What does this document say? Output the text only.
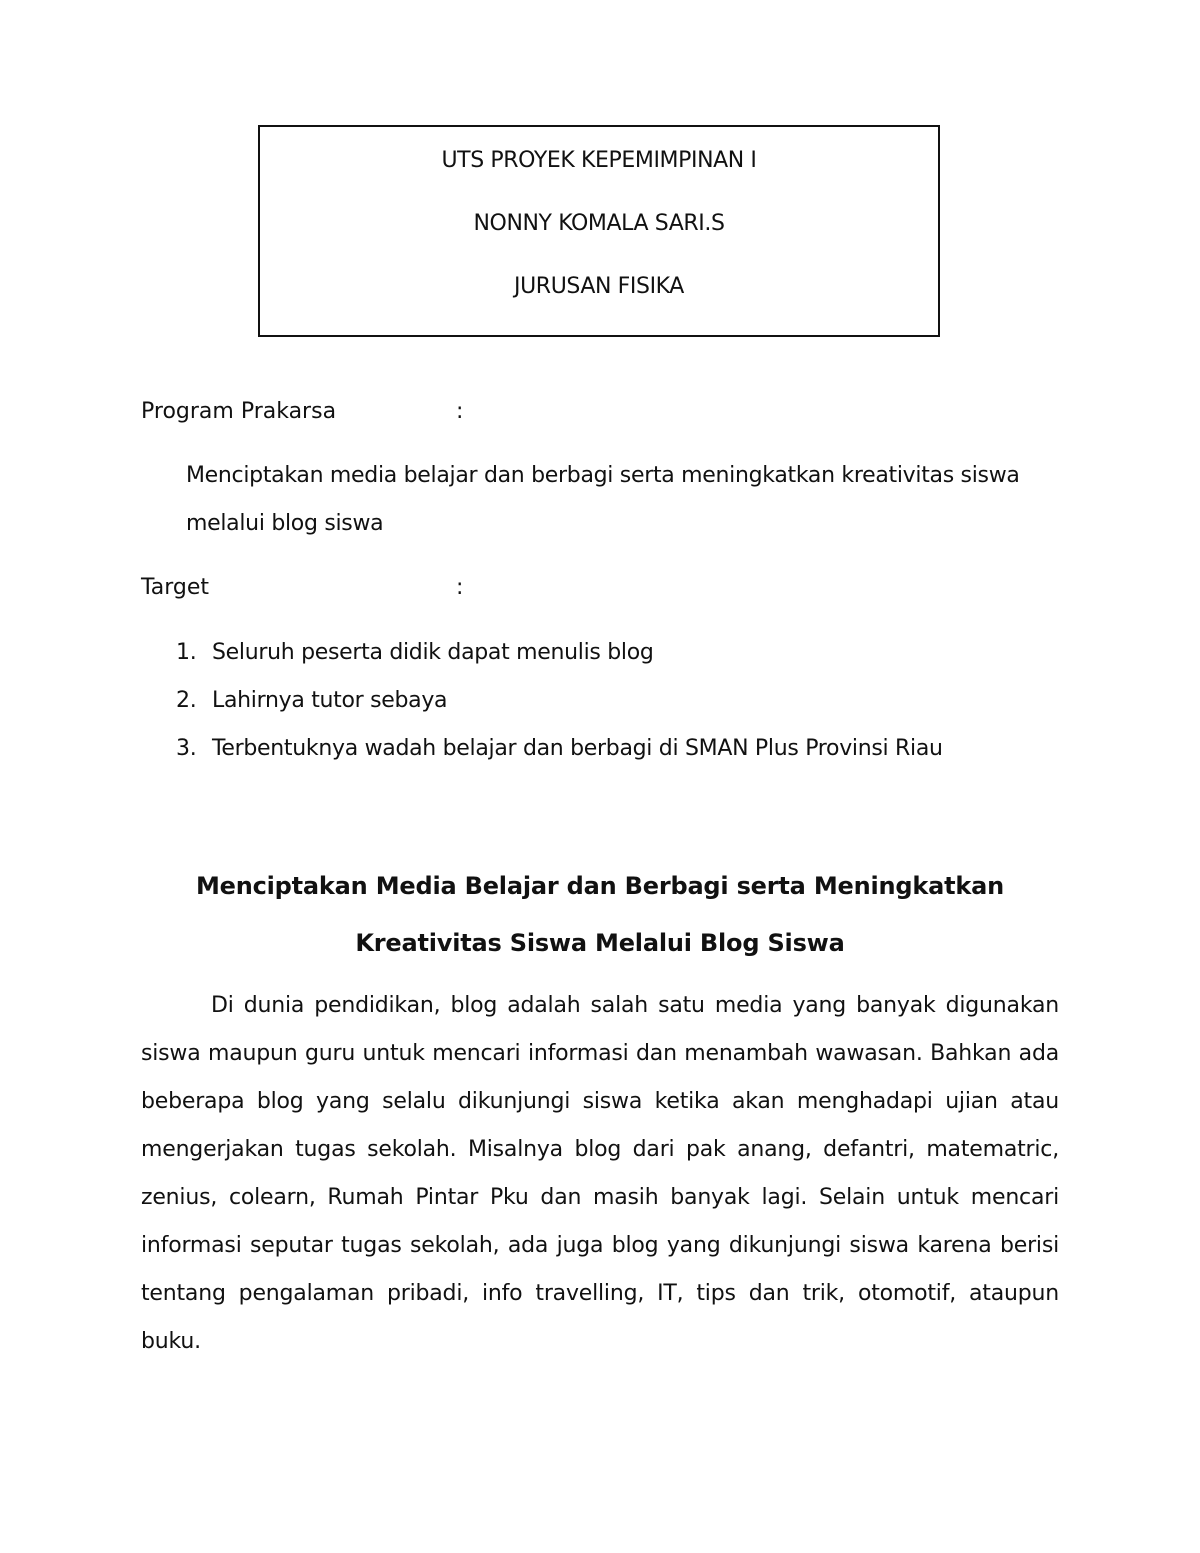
UTS PROYEK KEPEMIMPINAN I
NONNY KOMALA SARI.S
JURUSAN FISIKA
Program Prakarsa	:
Menciptakan media belajar dan berbagi serta meningkatkan kreativitas siswa melalui blog siswa
Target	:
1. Seluruh peserta didik dapat menulis blog
2. Lahirnya tutor sebaya
3. Terbentuknya wadah belajar dan berbagi di SMAN Plus Provinsi Riau
Menciptakan Media Belajar dan Berbagi serta Meningkatkan Kreativitas Siswa Melalui Blog Siswa

Di dunia pendidikan, blog adalah salah satu media yang banyak digunakan siswa maupun guru untuk mencari informasi dan menambah wawasan. Bahkan ada beberapa blog yang selalu dikunjungi siswa ketika akan menghadapi ujian atau mengerjakan tugas sekolah. Misalnya blog dari pak anang, defantri, matematric, zenius, colearn, Rumah Pintar Pku dan masih banyak lagi. Selain untuk mencari informasi seputar tugas sekolah, ada juga blog yang dikunjungi siswa karena berisi tentang pengalaman pribadi, info travelling, IT, tips dan trik, otomotif, ataupun buku.
